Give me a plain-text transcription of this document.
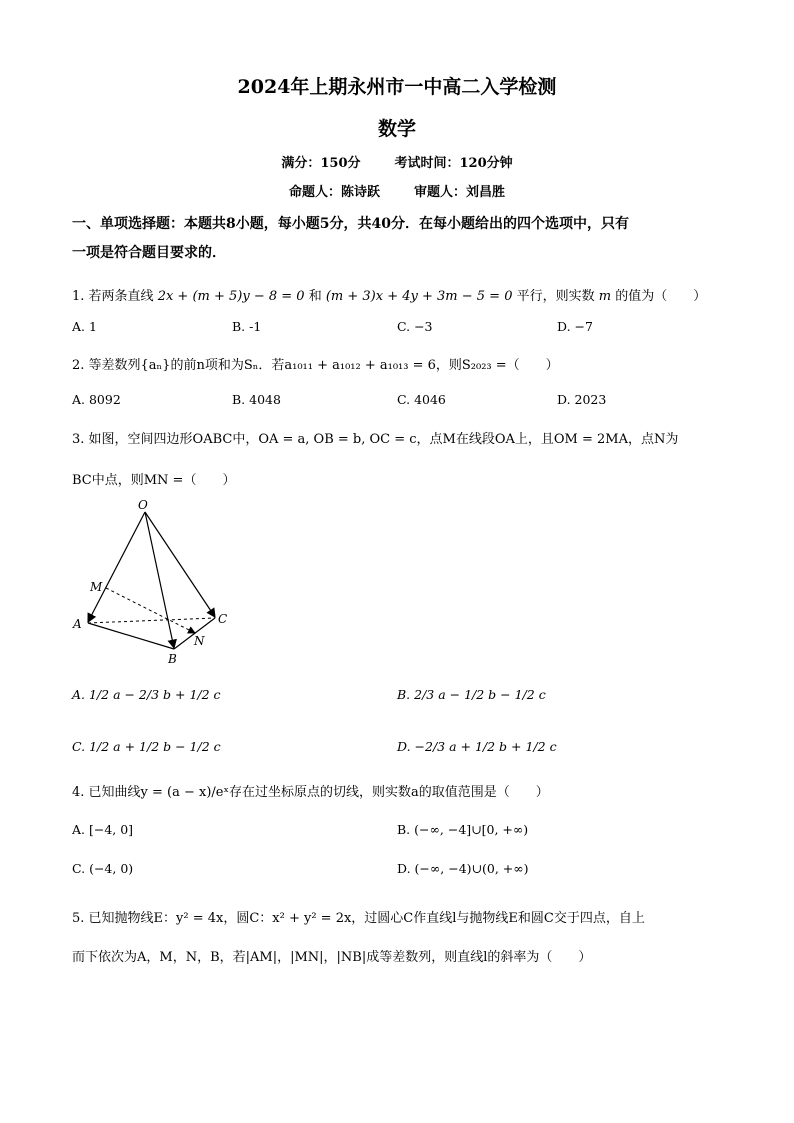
2024年上期永州市一中高二入学检测
数学
满分：150分	考试时间：120分钟
命题人：陈诗跃	审题人：刘昌胜
一、单项选择题：本题共8小题，每小题5分，共40分．在每小题给出的四个选项中，只有
一项是符合题目要求的．
1. 若两条直线 2x + (m + 5)y − 8 = 0 和 (m + 3)x + 4y + 3m − 5 = 0 平行，则实数 m 的值为（　　）
A. 1	B. -1	C. −3	D. −7
2. 等差数列{aₙ}的前n项和为Sₙ．若a₁₀₁₁ + a₁₀₁₂ + a₁₀₁₃ = 6，则S₂₀₂₃ =（　　）
A. 8092	B. 4048	C. 4046	D. 2023
3. 如图，空间四边形OABC中，OA = a, OB = b, OC = c，点M在线段OA上，且OM = 2MA，点N为
BC中点，则MN =（　　）
O
M
A
B
C
N
A. 1/2 a − 2/3 b + 1/2 c	B. 2/3 a − 1/2 b − 1/2 c
C. 1/2 a + 1/2 b − 1/2 c	D. −2/3 a + 1/2 b + 1/2 c
4. 已知曲线y = (a − x)/eˣ存在过坐标原点的切线，则实数a的取值范围是（　　）
A. [−4, 0]	B. (−∞, −4]∪[0, +∞)
C. (−4, 0)	D. (−∞, −4)∪(0, +∞)
5. 已知抛物线E：y² = 4x，圆C：x² + y² = 2x，过圆心C作直线l与抛物线E和圆C交于四点，自上
而下依次为A，M，N，B，若|AM|，|MN|，|NB|成等差数列，则直线l的斜率为（　　）
